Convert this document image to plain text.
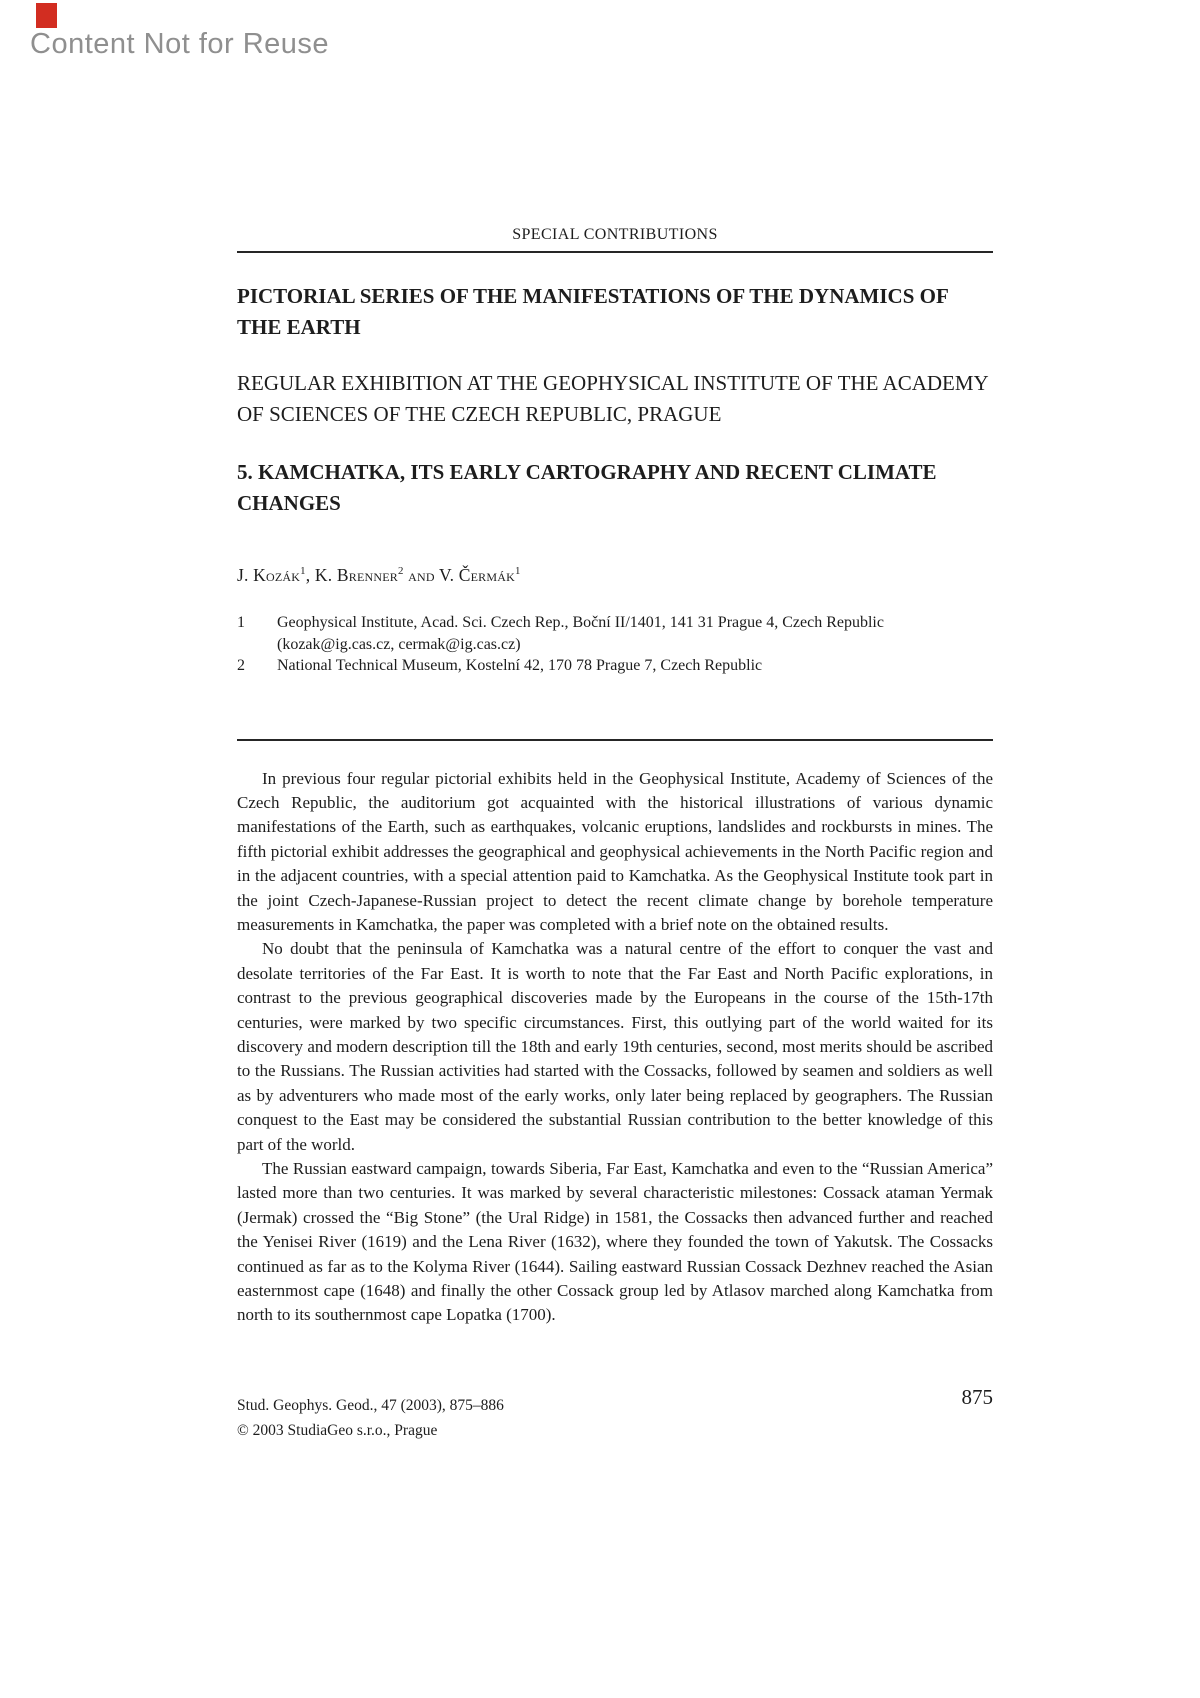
Content Not for Reuse
SPECIAL CONTRIBUTIONS
PICTORIAL SERIES OF THE MANIFESTATIONS OF THE DYNAMICS OF THE EARTH
REGULAR EXHIBITION AT THE GEOPHYSICAL INSTITUTE OF THE ACADEMY OF SCIENCES OF THE CZECH REPUBLIC, PRAGUE
5. KAMCHATKA, ITS EARLY CARTOGRAPHY AND RECENT CLIMATE CHANGES
J. Kozák$^1$, K. Brenner$^2$ and V. Čermák$^1$
1	Geophysical Institute, Acad. Sci. Czech Rep., Boční II/1401, 141 31 Prague 4, Czech Republic (kozak@ig.cas.cz, cermak@ig.cas.cz)
2	National Technical Museum, Kostelní 42, 170 78 Prague 7, Czech Republic

In previous four regular pictorial exhibits held in the Geophysical Institute, Academy of Sciences of the Czech Republic, the auditorium got acquainted with the historical illustrations of various dynamic manifestations of the Earth, such as earthquakes, volcanic eruptions, landslides and rockbursts in mines. The fifth pictorial exhibit addresses the geographical and geophysical achievements in the North Pacific region and in the adjacent countries, with a special attention paid to Kamchatka. As the Geophysical Institute took part in the joint Czech-Japanese-Russian project to detect the recent climate change by borehole temperature measurements in Kamchatka, the paper was completed with a brief note on the obtained results.

No doubt that the peninsula of Kamchatka was a natural centre of the effort to conquer the vast and desolate territories of the Far East. It is worth to note that the Far East and North Pacific explorations, in contrast to the previous geographical discoveries made by the Europeans in the course of the 15th-17th centuries, were marked by two specific circumstances. First, this outlying part of the world waited for its discovery and modern description till the 18th and early 19th centuries, second, most merits should be ascribed to the Russians. The Russian activities had started with the Cossacks, followed by seamen and soldiers as well as by adventurers who made most of the early works, only later being replaced by geographers. The Russian conquest to the East may be considered the substantial Russian contribution to the better knowledge of this part of the world.

The Russian eastward campaign, towards Siberia, Far East, Kamchatka and even to the “Russian America” lasted more than two centuries. It was marked by several characteristic milestones: Cossack ataman Yermak (Jermak) crossed the “Big Stone” (the Ural Ridge) in 1581, the Cossacks then advanced further and reached the Yenisei River (1619) and the Lena River (1632), where they founded the town of Yakutsk. The Cossacks continued as far as to the Kolyma River (1644). Sailing eastward Russian Cossack Dezhnev reached the Asian easternmost cape (1648) and finally the other Cossack group led by Atlasov marched along Kamchatka from north to its southernmost cape Lopatka (1700).

Stud. Geophys. Geod., 47 (2003), 875–886
© 2003 StudiaGeo s.r.o., Prague
875
